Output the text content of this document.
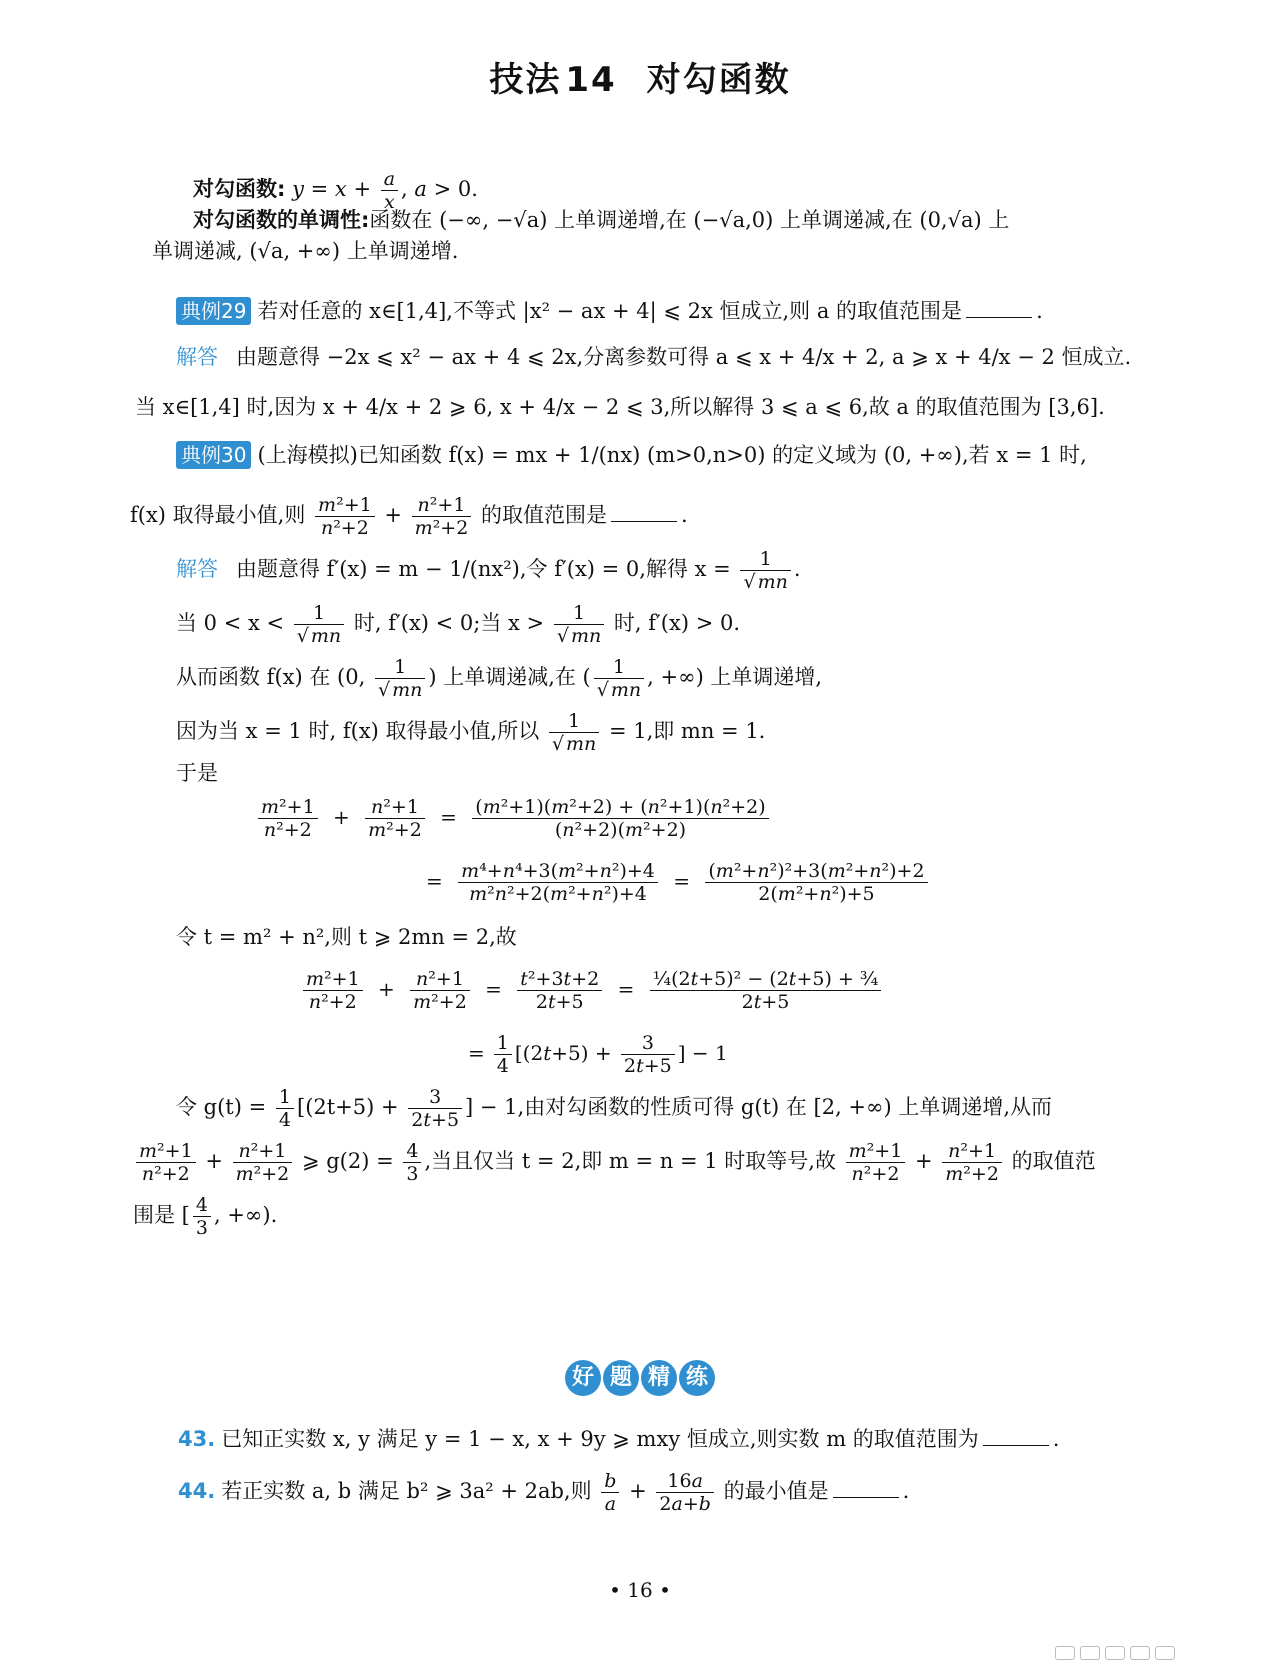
技法 14 对勾函数
对勾函数: $y = x + \frac{a}{x}$ , a > 0.
对勾函数的单调性:函数在 (−∞, −√a) 上单调递增,在 (−√a,0) 上单调递减,在 (0,√a) 上
单调递减, (√a, +∞) 上单调递增.
典例29 若对任意的 x∈[1,4],不等式 |x² − ax + 4| ⩽ 2x 恒成立,则 a 的取值范围是	.
解答 由题意得 −2x ⩽ x² − ax + 4 ⩽ 2x,分离参数可得 a ⩽ x + 4/x + 2, a ⩾ x + 4/x − 2 恒成立.
当 x∈[1,4] 时,因为 x + 4/x + 2 ⩾ 6, x + 4/x − 2 ⩽ 3,所以解得 3 ⩽ a ⩽ 6,故 a 的取值范围为 [3,6].
典例30 (上海模拟)已知函数 f(x) = mx + 1/(nx) (m>0,n>0) 的定义域为 (0, +∞),若 x = 1 时,
f(x) 取得最小值,则 $\frac{\text{m²+1}}{\text{n²+2}} + \frac{\text{n²+1}}{\text{m²+2}}$ 的取值范围是	.
解答 由题意得 f′(x) = m − 1/(nx²),令 f′(x) = 0,解得 $x = \frac{1}{√ mn}$ .
当 $0 < x < \frac{1}{√ mn}$ 时, f′(x) < 0;当 $x > \frac{1}{√ mn}$ 时, f′(x) > 0.
从而函数 f(x) 在 (0, $\frac{1}{√ mn}$ ) 上单调递减,在 ( $\frac{1}{√ mn}$ , +∞) 上单调递增,
因为当 x = 1 时, f(x) 取得最小值,所以 $\frac{1}{√ mn} = 1$,即 mn = 1.
于是
$\frac{\text{m²+1}}{\text{n²+2}} + \frac{\text{n²+1}}{\text{m²+2}} = \frac{\text{(m²+1)(m²+2) + (n²+1)(n²+2)}}{\text{(n²+2)(m²+2)}}$
= $\frac{\text{m⁴+n⁴+3(m²+n²)+4}}{\text{m²n²+2(m²+n²)+4}} = \frac{\text{(m²+n²)²+3(m²+n²)+2}}{\text{2(m²+n²)+5}}$
令 t = m² + n²,则 t ⩾ 2mn = 2,故
$\frac{\text{m²+1}}{\text{n²+2}} + \frac{\text{n²+1}}{\text{m²+2}} = \frac{\text{t²+3t+2}}{2t+5} = \frac{\text{¼(2t+5)² − (2t+5) + ¾}}{2t+5}$
= $\frac{1}{4} [(2t+5) + \frac{3}{2t+5}$ ] − 1
令 $g(t) = \frac{1}{4} [(2t+5) + \frac{3}{2t+5}$ ] − 1,由对勾函数的性质可得 g(t) 在 [2, +∞) 上单调递增,从而
$\frac{\text{m²+1}}{\text{n²+2}} + \frac{\text{n²+1}}{\text{m²+2}}$ ⩾ $g(2) = \frac{4}{3}$ ,当且仅当 t = 2,即 m = n = 1 时取等号,故 $\frac{\text{m²+1}}{\text{n²+2}} + \frac{\text{n²+1}}{\text{m²+2}}$ 的取值范
围是 [ $\frac{4}{3}$ , +∞).
好 题 精 练
43. 已知正实数 x, y 满足 y = 1 − x, x + 9y ⩾ mxy 恒成立,则实数 m 的取值范围为	.
44. 若正实数 a, b 满足 b² ⩾ 3a² + 2ab,则 $\frac{b}{a} + \frac{16a}{2a+b}$ 的最小值是	.
• 16 •
